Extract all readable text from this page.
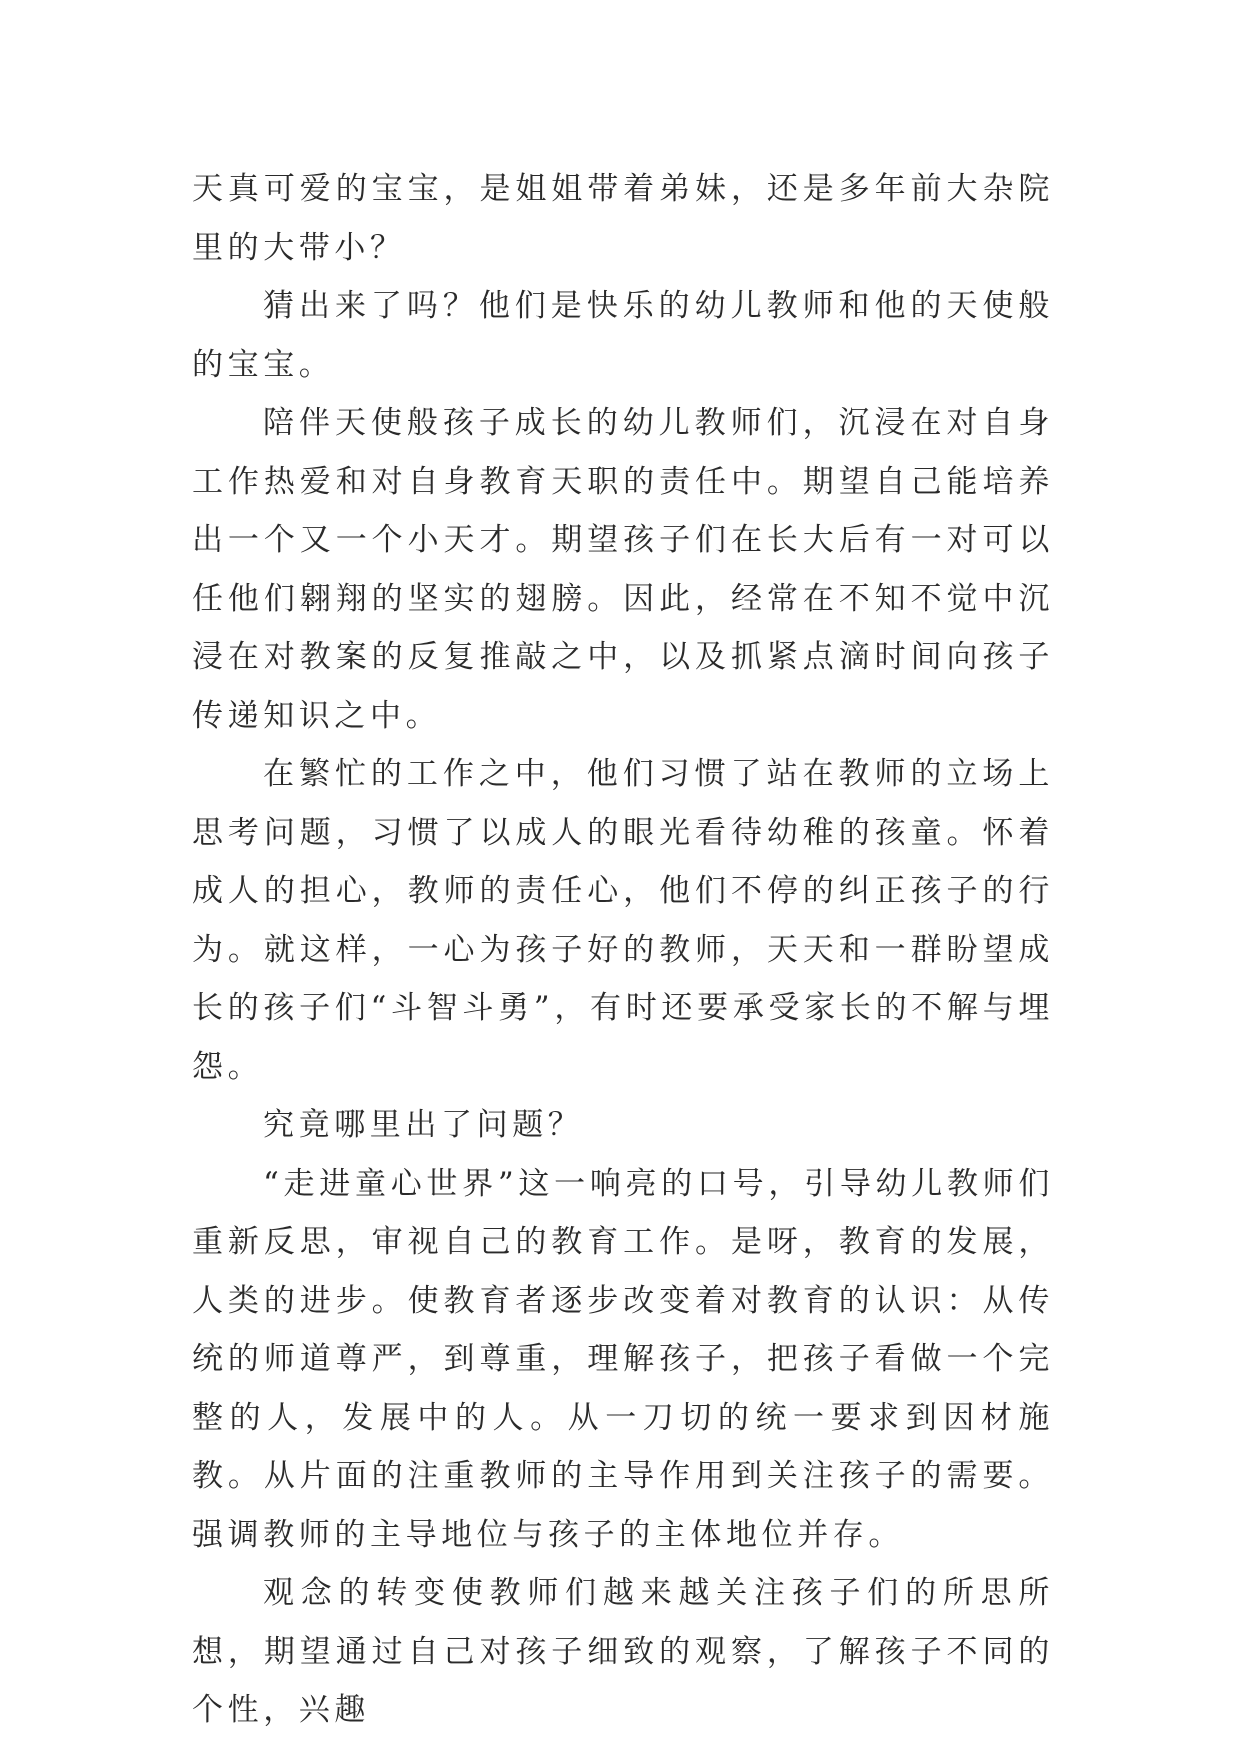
天真可爱的宝宝，是姐姐带着弟妹，还是多年前大杂院里的大带小？

猜出来了吗？他们是快乐的幼儿教师和他的天使般的宝宝。

陪伴天使般孩子成长的幼儿教师们，沉浸在对自身工作热爱和对自身教育天职的责任中。期望自己能培养出一个又一个小天才。期望孩子们在长大后有一对可以任他们翱翔的坚实的翅膀。因此，经常在不知不觉中沉浸在对教案的反复推敲之中，以及抓紧点滴时间向孩子传递知识之中。

在繁忙的工作之中，他们习惯了站在教师的立场上思考问题，习惯了以成人的眼光看待幼稚的孩童。怀着成人的担心，教师的责任心，他们不停的纠正孩子的行为。就这样，一心为孩子好的教师，天天和一群盼望成长的孩子们“斗智斗勇”，有时还要承受家长的不解与埋怨。

究竟哪里出了问题？

“走进童心世界”这一响亮的口号，引导幼儿教师们重新反思，审视自己的教育工作。是呀，教育的发展，人类的进步。使教育者逐步改变着对教育的认识：从传统的师道尊严，到尊重，理解孩子，把孩子看做一个完整的人，发展中的人。从一刀切的统一要求到因材施教。从片面的注重教师的主导作用到关注孩子的需要。强调教师的主导地位与孩子的主体地位并存。

观念的转变使教师们越来越关注孩子们的所思所想，期望通过自己对孩子细致的观察，了解孩子不同的个性，兴趣
